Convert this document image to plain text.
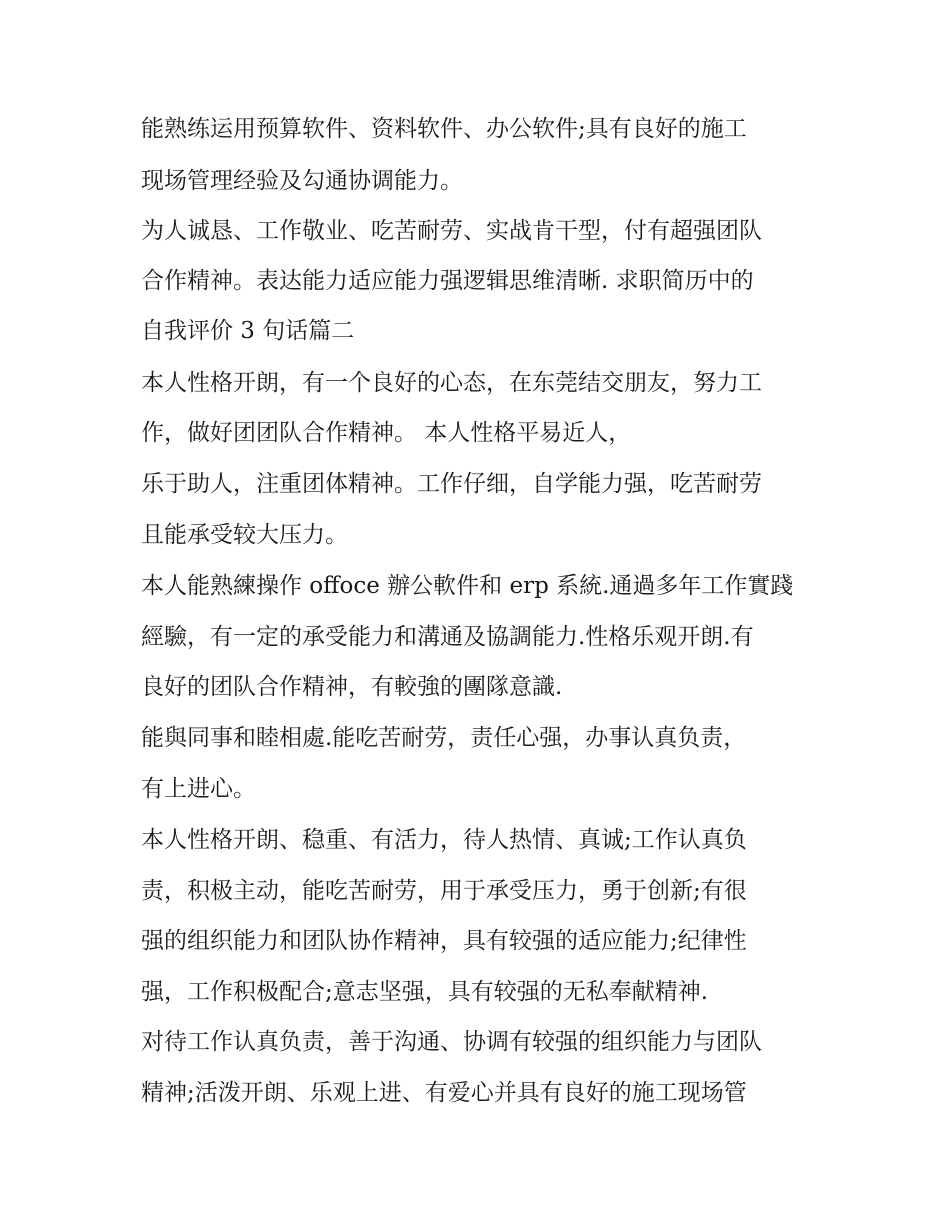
能熟练运用预算软件、资料软件、办公软件;具有良好的施工
现场管理经验及勾通协调能力。
为人诚恳、工作敬业、吃苦耐劳、实战肯干型，付有超强团队
合作精神。表达能力适应能力强逻辑思维清晰. 求职简历中的
自我评价 3 句话篇二
本人性格开朗，有一个良好的心态，在东莞结交朋友，努力工
作，做好团团队合作精神。 本人性格平易近人，
乐于助人，注重团体精神。工作仔细，自学能力强，吃苦耐劳
且能承受较大压力。
本人能熟練操作 offoce 辦公軟件和 erp 系統.通過多年工作實踐
經驗，有一定的承受能力和溝通及協調能力.性格乐观开朗.有
良好的团队合作精神，有較強的團隊意識.
能與同事和睦相處.能吃苦耐劳，责任心强，办事认真负责，
有上进心。
本人性格开朗、稳重、有活力，待人热情、真诚;工作认真负
责，积极主动，能吃苦耐劳，用于承受压力，勇于创新;有很
强的组织能力和团队协作精神，具有较强的适应能力;纪律性
强，工作积极配合;意志坚强，具有较强的无私奉献精神.
对待工作认真负责，善于沟通、协调有较强的组织能力与团队
精神;活泼开朗、乐观上进、有爱心并具有良好的施工现场管
